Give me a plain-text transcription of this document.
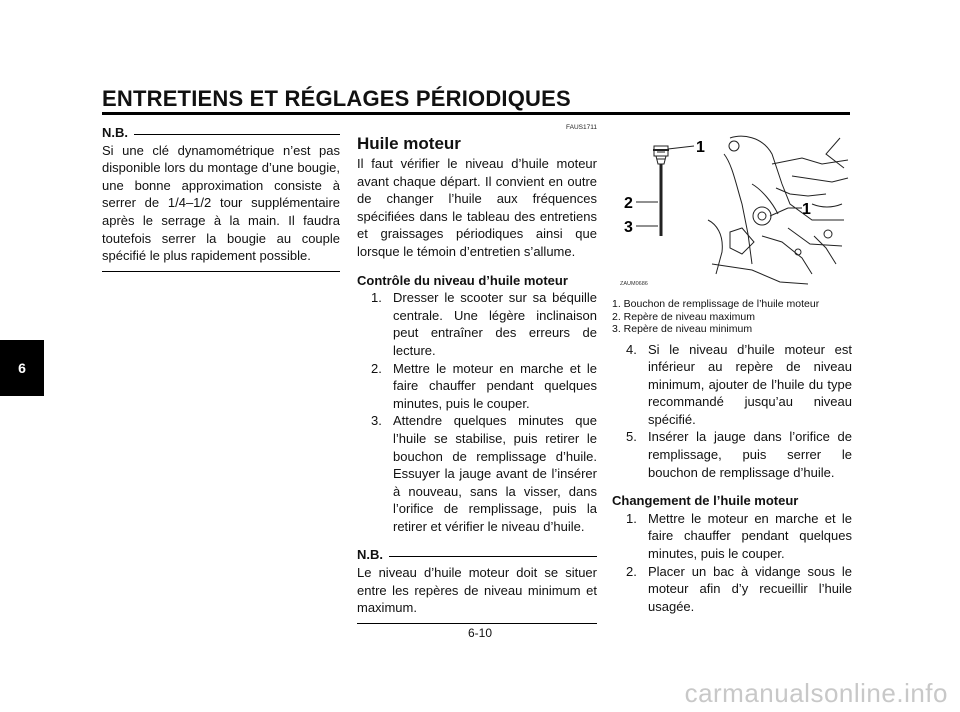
ENTRETIENS ET RÉGLAGES PÉRIODIQUES
6
N.B.
Si une clé dynamométrique n’est pas disponible lors du montage d’une bougie, une bonne approximation consiste à serrer de 1/4–1/2 tour supplémentaire après le serrage à la main. Il faudra toutefois serrer la bougie au couple spécifié le plus rapidement possible.
FAUS1711
Huile moteur
Il faut vérifier le niveau d’huile moteur avant chaque départ. Il convient en outre de changer l’huile aux fréquences spécifiées dans le tableau des entretiens et graissages périodiques ainsi que lorsque le témoin d’entretien s’allume.
Contrôle du niveau d’huile moteur
1. Dresser le scooter sur sa béquille centrale. Une légère inclinaison peut entraîner des erreurs de lecture.
2. Mettre le moteur en marche et le faire chauffer pendant quelques minutes, puis le couper.
3. Attendre quelques minutes que l’huile se stabilise, puis retirer le bouchon de remplissage d’huile. Essuyer la jauge avant de l’insérer à nouveau, sans la visser, dans l’orifice de remplissage, puis la retirer et vérifier le niveau d’huile.
N.B.
Le niveau d’huile moteur doit se situer entre les repères de niveau minimum et maximum.
1
2
3
1
ZAUM0686
1. Bouchon de remplissage de l’huile moteur
2. Repère de niveau maximum
3. Repère de niveau minimum
4. Si le niveau d’huile moteur est inférieur au repère de niveau minimum, ajouter de l’huile du type recommandé jusqu’au niveau spécifié.
5. Insérer la jauge dans l’orifice de remplissage, puis serrer le bouchon de remplissage d’huile.
Changement de l’huile moteur
1. Mettre le moteur en marche et le faire chauffer pendant quelques minutes, puis le couper.
2. Placer un bac à vidange sous le moteur afin d’y recueillir l’huile usagée.
6-10
carmanualsonline.info
